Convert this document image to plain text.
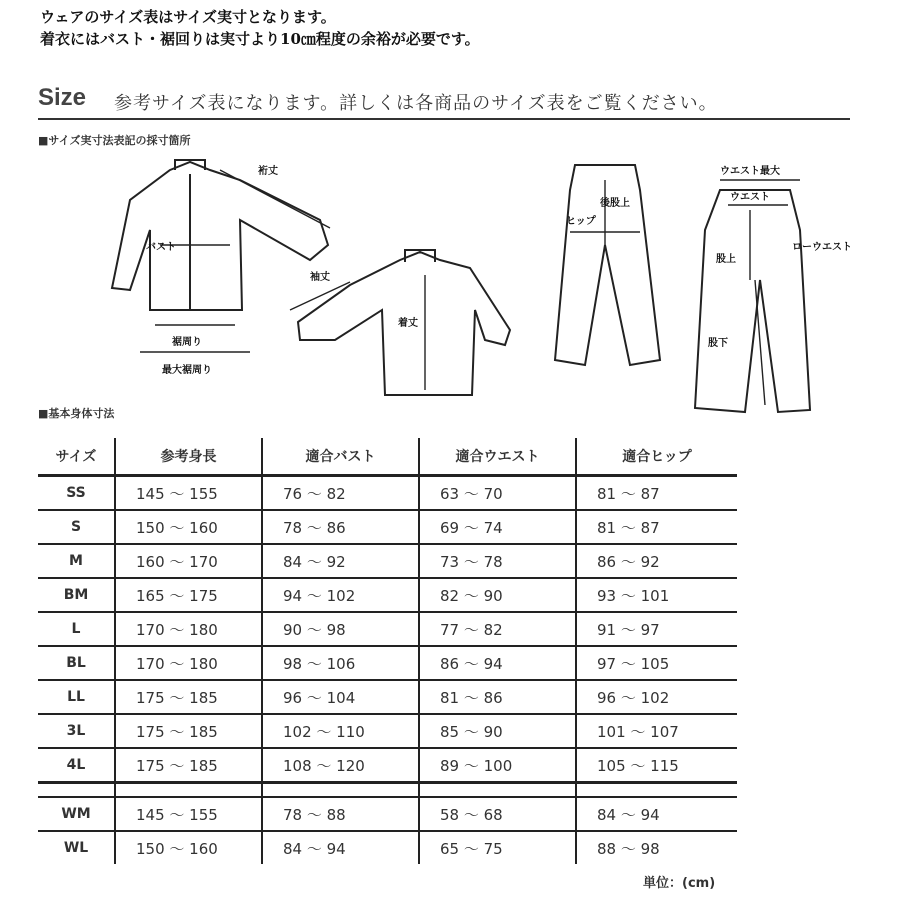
ウェアのサイズ表はサイズ実寸となります。
着衣にはバスト・裾回りは実寸より10㎝程度の余裕が必要です。
Size 参考サイズ表になります。詳しくは各商品のサイズ表をご覧ください。
■サイズ実寸法表記の採寸箇所
裄丈
バスト
袖丈
着丈
裾周り
最大裾周り
ヒップ
後股上
ウエスト最大
ウエスト
ローウエスト
股上
股下
■基本身体寸法
サイズ	参考身長	適合バスト	適合ウエスト	適合ヒップ
SS	145 ～ 155	76 ～ 82	63 ～ 70	81 ～ 87
S	150 ～ 160	78 ～ 86	69 ～ 74	81 ～ 87
M	160 ～ 170	84 ～ 92	73 ～ 78	86 ～ 92
BM	165 ～ 175	94 ～ 102	82 ～ 90	93 ～ 101
L	170 ～ 180	90 ～ 98	77 ～ 82	91 ～ 97
BL	170 ～ 180	98 ～ 106	86 ～ 94	97 ～ 105
LL	175 ～ 185	96 ～ 104	81 ～ 86	96 ～ 102
3L	175 ～ 185	102 ～ 110	85 ～ 90	101 ～ 107
4L	175 ～ 185	108 ～ 120	89 ～ 100	105 ～ 115

WM	145 ～ 155	78 ～ 88	58 ～ 68	84 ～ 94
WL	150 ～ 160	84 ～ 94	65 ～ 75	88 ～ 98
単位：(cm)
